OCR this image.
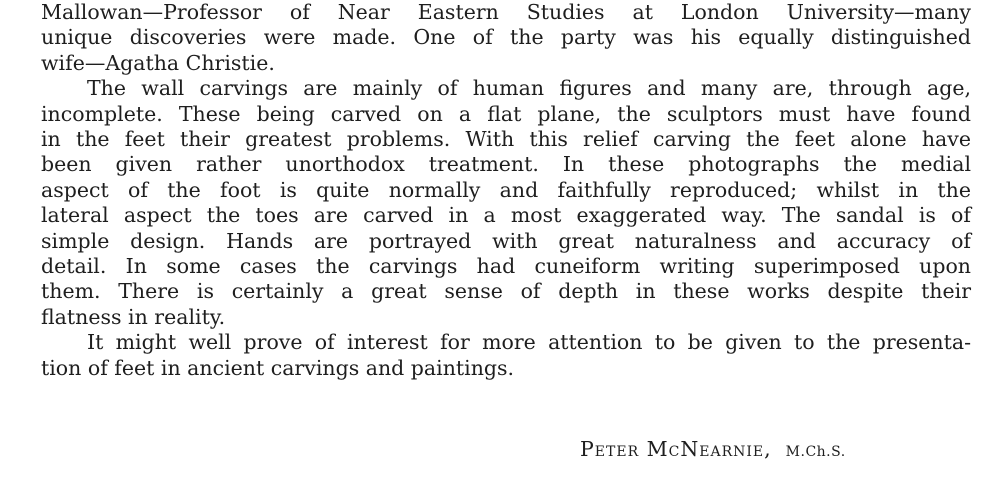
Mallowan—Professor of Near Eastern Studies at London University—many
unique discoveries were made. One of the party was his equally distinguished
wife—Agatha Christie.
The wall carvings are mainly of human figures and many are, through age,
incomplete. These being carved on a flat plane, the sculptors must have found
in the feet their greatest problems. With this relief carving the feet alone have
been given rather unorthodox treatment. In these photographs the medial
aspect of the foot is quite normally and faithfully reproduced; whilst in the
lateral aspect the toes are carved in a most exaggerated way. The sandal is of
simple design. Hands are portrayed with great naturalness and accuracy of
detail. In some cases the carvings had cuneiform writing superimposed upon
them. There is certainly a great sense of depth in these works despite their
flatness in reality.
It might well prove of interest for more attention to be given to the presenta-
tion of feet in ancient carvings and paintings.
Peter McNearnie, M.Ch.S.
